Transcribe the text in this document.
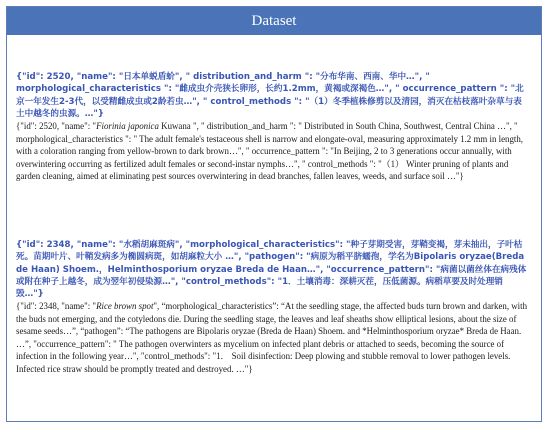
Dataset

{"id": 2520, "name": "日本单蜕盾蚧", " distribution_and_harm ": "分布华南、西南、华中…", " morphological_characteristics ": "雌成虫介壳狭长卵形，长约1.2mm，黄褐或深褐色…", " occurrence_pattern ": "北京一年发生2-3代，以受精雌成虫或2龄若虫…", " control_methods ": "（1）冬季植株修剪以及清园，消灭在枯枝落叶杂草与表土中越冬的虫源。…"}

{"id": 2520, "name": "Fiorinia japonica Kuwana ", " distribution_and_harm ": " Distributed in South China, Southwest, Central China …", " morphological_characteristics ": " The adult female's testaceous shell is narrow and elongate-oval, measuring approximately 1.2 mm in length, with a coloration ranging from yellow-brown to dark brown…", " occurrence_pattern ": "In Beijing, 2 to 3 generations occur annually, with overwintering occurring as fertilized adult females or second-instar nymphs…", " control_methods ": "（1） Winter pruning of plants and garden cleaning, aimed at eliminating pest sources overwintering in dead branches, fallen leaves, weeds, and surface soil …"}

{"id": 2348, "name": "水稻胡麻斑病", "morphological_characteristics": "种子芽期受害，芽鞘变褐，芽未抽出，子叶枯死。苗期叶片、叶鞘发病多为椭圆病斑，如胡麻粒大小 …", "pathogen": "病原为稻平脐蠕孢，学名为Bipolaris oryzae(Breda de Haan) Shoem.，Helminthosporium oryzae Breda de Haan…", "occurrence_pattern": "病菌以菌丝体在病残体或附在种子上越冬，成为翌年初侵染源…", "control_methods": "1．土壤消毒：深耕灭茬，压低菌源。病稻草要及时处理销毁…"}

{"id": 2348, "name": "Rice brown spot", “morphological_characteristics”: “At the seedling stage, the affected buds turn brown and darken, with the buds not emerging, and the cotyledons die. During the seedling stage, the leaves and leaf sheaths show elliptical lesions, about the size of sesame seeds…”, “pathogen”: “The pathogens are Bipolaris oryzae (Breda de Haan) Shoem. and *Helminthosporium oryzae* Breda de Haan. …”, "occurrence_pattern": " The pathogen overwinters as mycelium on infected plant debris or attached to seeds, becoming the source of infection in the following year…", "control_methods": "1． Soil disinfection: Deep plowing and stubble removal to lower pathogen levels. Infected rice straw should be promptly treated and destroyed. …"}
